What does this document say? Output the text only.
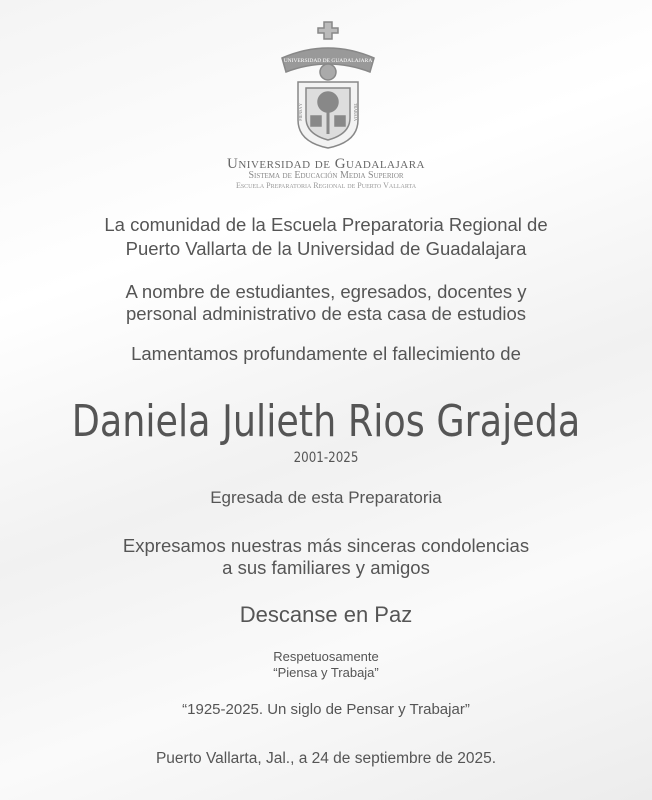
UNIVERSIDAD DE GUADALAJARA
PIENSA Y	TRABAJA
Universidad de Guadalajara
Sistema de Educación Media Superior
Escuela Preparatoria Regional de Puerto Vallarta
La comunidad de la Escuela Preparatoria Regional de
Puerto Vallarta de la Universidad de Guadalajara
A nombre de estudiantes, egresados, docentes y
personal administrativo de esta casa de estudios
Lamentamos profundamente el fallecimiento de
Daniela Julieth Rios Grajeda
2001-2025
Egresada de esta Preparatoria
Expresamos nuestras más sinceras condolencias
a sus familiares y amigos
Descanse en Paz
Respetuosamente
“Piensa y Trabaja”
“1925-2025. Un siglo de Pensar y Trabajar”
Puerto Vallarta, Jal., a 24 de septiembre de 2025.
